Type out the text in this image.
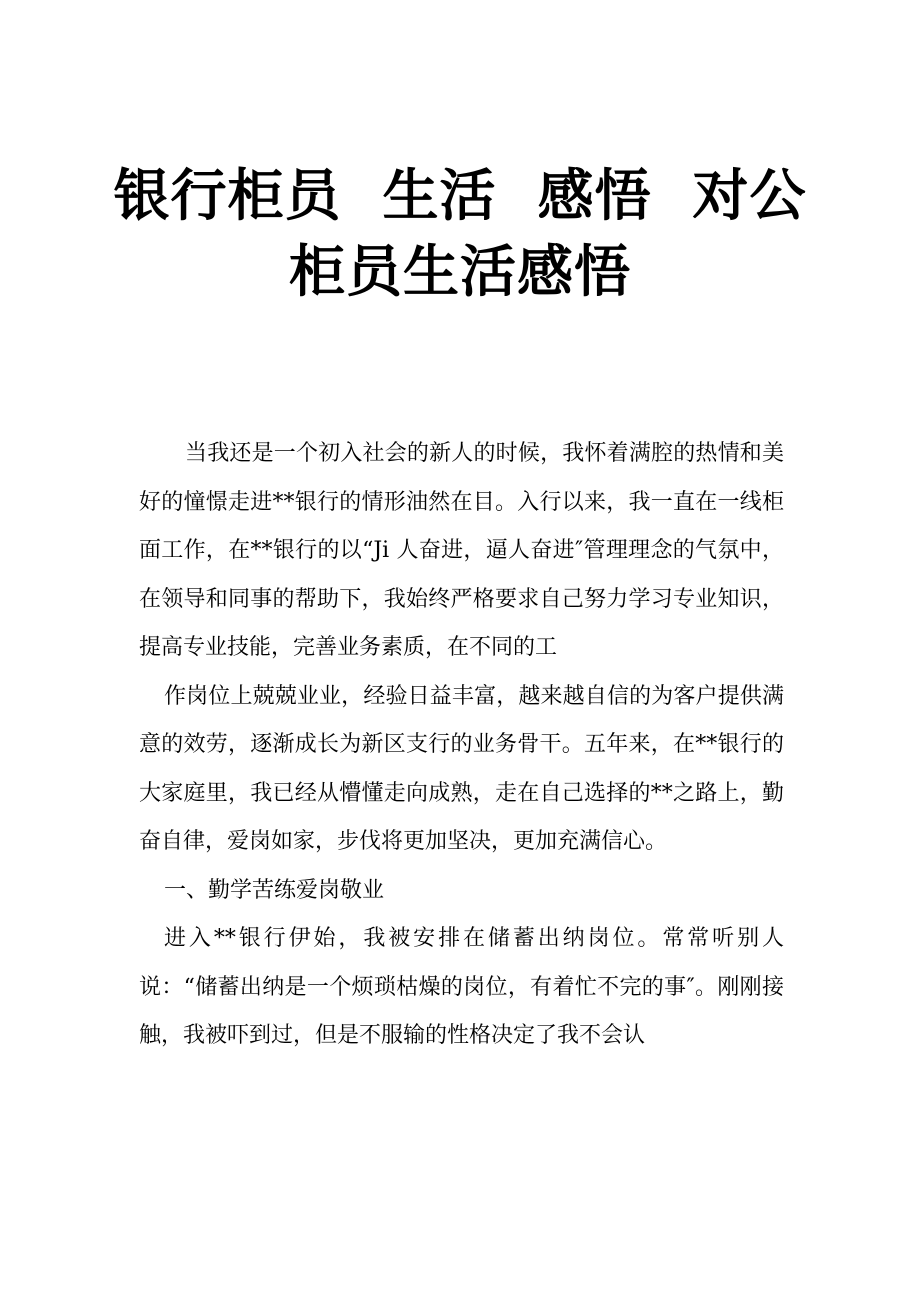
银行柜员  生活  感悟  对公
柜员生活感悟

当我还是一个初入社会的新人的时候，我怀着满腔的热情和美好的憧憬走进**银行的情形油然在目。入行以来，我一直在一线柜面工作，在**银行的以“Ji 人奋进，逼人奋进″管理理念的气氛中，在领导和同事的帮助下，我始终严格要求自己努力学习专业知识，提高专业技能，完善业务素质，在不同的工

作岗位上兢兢业业，经验日益丰富，越来越自信的为客户提供满意的效劳，逐渐成长为新区支行的业务骨干。五年来，在**银行的大家庭里，我已经从懵懂走向成熟，走在自己选择的**之路上，勤奋自律，爱岗如家，步伐将更加坚决，更加充满信心。

一、勤学苦练爱岗敬业

进入**银行伊始，我被安排在储蓄出纳岗位。常常听别人说：“储蓄出纳是一个烦琐枯燥的岗位，有着忙不完的事″。刚刚接触，我被吓到过，但是不服输的性格决定了我不会认
